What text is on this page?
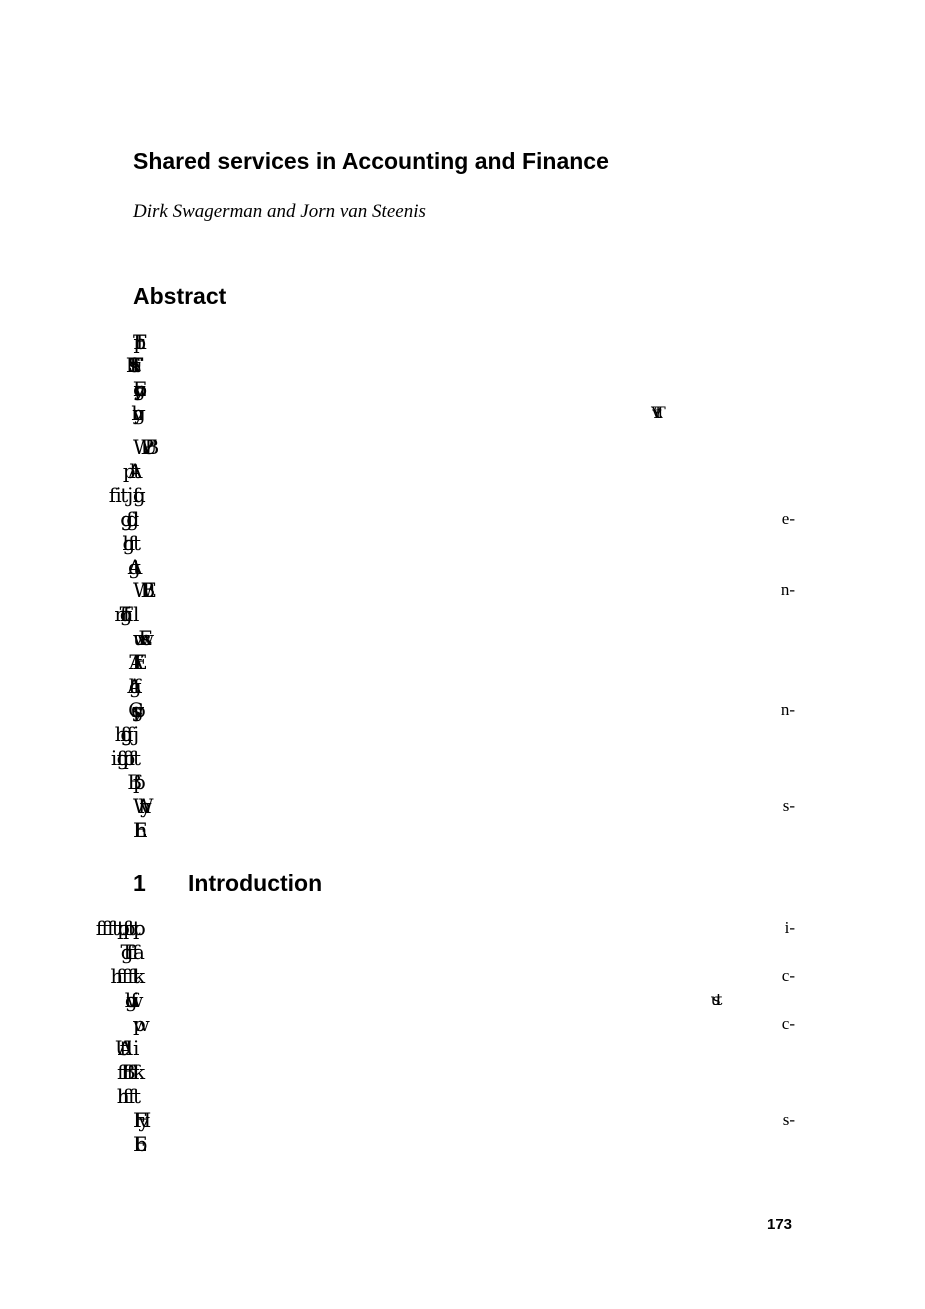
Shared services in Accounting and Finance
Dirk Swagerman and Jorn van Steenis
Abstract
TpFh
WPUB
e-
WBE	n-
uwwsE
n-
Wyh	s-
Eh
1 Introduction
i-
c-
pw	c-
FHy	s-
Eb
173
